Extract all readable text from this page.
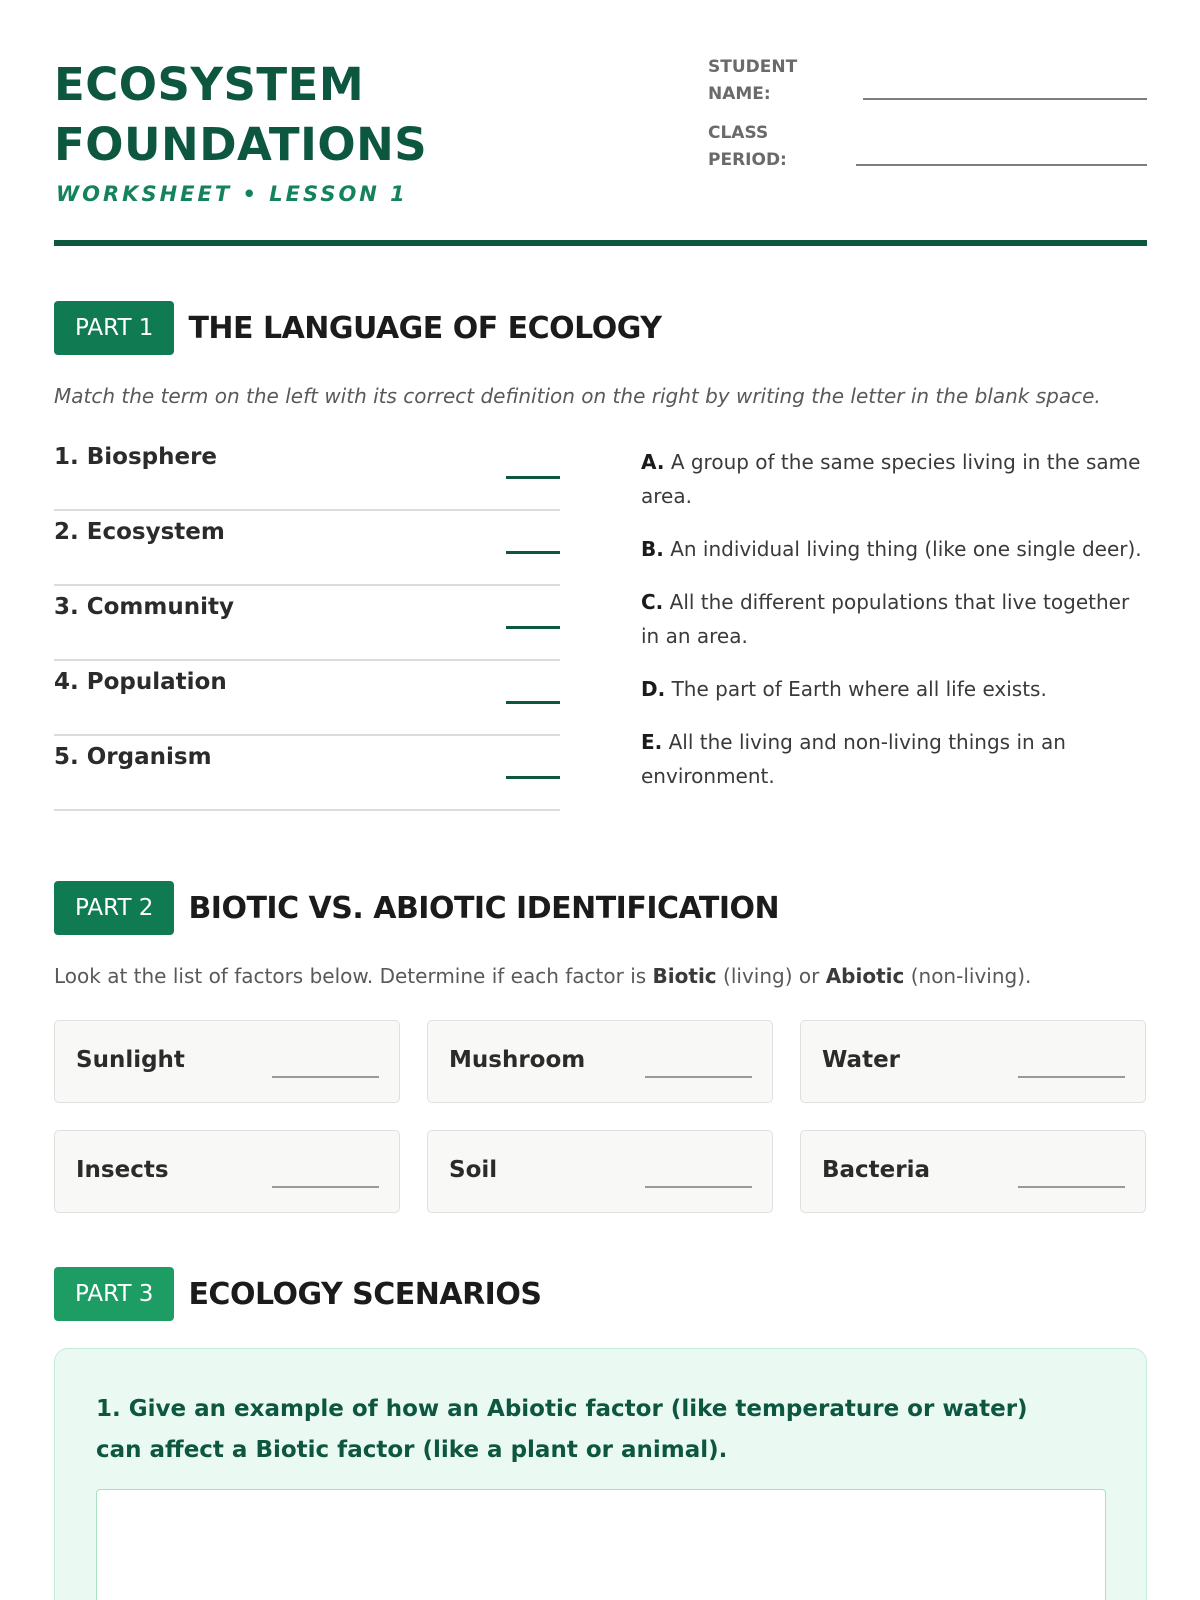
ECOSYSTEM
FOUNDATIONS
WORKSHEET • LESSON 1
STUDENT
NAME:
CLASS
PERIOD:
PART 1	THE LANGUAGE OF ECOLOGY
Match the term on the left with its correct definition on the right by writing the letter in the blank space.
1. Biosphere
2. Ecosystem
3. Community
4. Population
5. Organism
A. A group of the same species living in the same area.
B. An individual living thing (like one single deer).
C. All the different populations that live together in an area.
D. The part of Earth where all life exists.
E. All the living and non-living things in an environment.
PART 2	BIOTIC VS. ABIOTIC IDENTIFICATION
Look at the list of factors below. Determine if each factor is Biotic (living) or Abiotic (non-living).
Sunlight	Mushroom	Water
Insects	Soil	Bacteria
PART 3	ECOLOGY SCENARIOS
1. Give an example of how an Abiotic factor (like temperature or water) can affect a Biotic factor (like a plant or animal).
